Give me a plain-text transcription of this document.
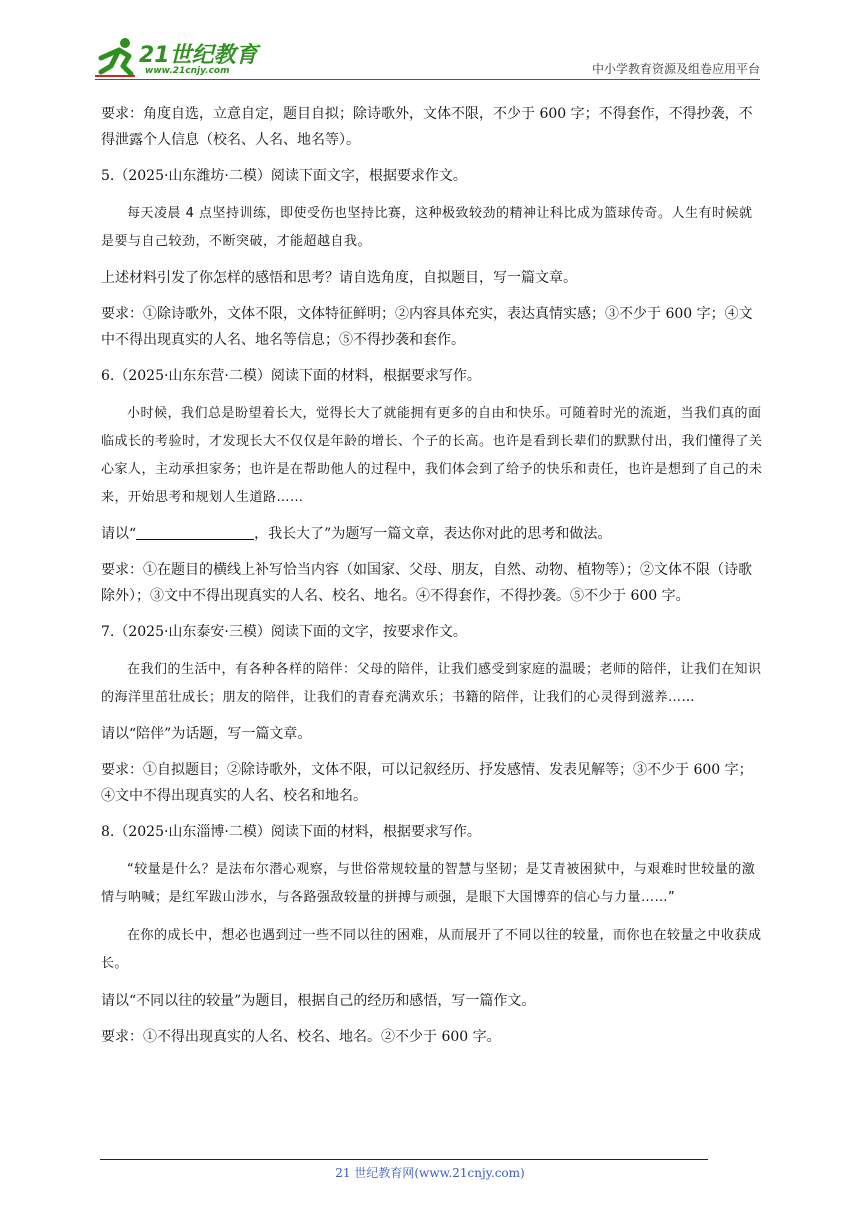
21世纪教育
www.21cnjy.com	中小学教育资源及组卷应用平台

要求：角度自选，立意自定，题目自拟；除诗歌外，文体不限，不少于 600 字；不得套作，不得抄袭，不得泄露个人信息（校名、人名、地名等）。

5.（2025·山东潍坊·二模）阅读下面文字，根据要求作文。

每天凌晨 4 点坚持训练，即使受伤也坚持比赛，这种极致较劲的精神让科比成为篮球传奇。人生有时候就是要与自己较劲，不断突破，才能超越自我。

上述材料引发了你怎样的感悟和思考？请自选角度，自拟题目，写一篇文章。

要求：①除诗歌外，文体不限，文体特征鲜明；②内容具体充实，表达真情实感；③不少于 600 字；④文中不得出现真实的人名、地名等信息；⑤不得抄袭和套作。

6.（2025·山东东营·二模）阅读下面的材料，根据要求写作。

小时候，我们总是盼望着长大，觉得长大了就能拥有更多的自由和快乐。可随着时光的流逝，当我们真的面临成长的考验时，才发现长大不仅仅是年龄的增长、个子的长高。也许是看到长辈们的默默付出，我们懂得了关心家人，主动承担家务；也许是在帮助他人的过程中，我们体会到了给予的快乐和责任，也许是想到了自己的未来，开始思考和规划人生道路……

请以“	，我长大了”为题写一篇文章，表达你对此的思考和做法。

要求：①在题目的横线上补写恰当内容（如国家、父母、朋友，自然、动物、植物等）；②文体不限（诗歌除外）；③文中不得出现真实的人名、校名、地名。④不得套作，不得抄袭。⑤不少于 600 字。

7.（2025·山东泰安·三模）阅读下面的文字，按要求作文。

在我们的生活中，有各种各样的陪伴：父母的陪伴，让我们感受到家庭的温暖；老师的陪伴，让我们在知识的海洋里茁壮成长；朋友的陪伴，让我们的青春充满欢乐；书籍的陪伴，让我们的心灵得到滋养……

请以“陪伴”为话题，写一篇文章。

要求：①自拟题目；②除诗歌外，文体不限，可以记叙经历、抒发感情、发表见解等；③不少于 600 字；④文中不得出现真实的人名、校名和地名。

8.（2025·山东淄博·二模）阅读下面的材料，根据要求写作。

“较量是什么？是法布尔潜心观察，与世俗常规较量的智慧与坚韧；是艾青被困狱中，与艰难时世较量的激情与呐喊；是红军跋山涉水，与各路强敌较量的拼搏与顽强，是眼下大国博弈的信心与力量……”

在你的成长中，想必也遇到过一些不同以往的困难，从而展开了不同以往的较量，而你也在较量之中收获成长。

请以“不同以往的较量”为题目，根据自己的经历和感悟，写一篇作文。

要求：①不得出现真实的人名、校名、地名。②不少于 600 字。

21 世纪教育网(www.21cnjy.com)
